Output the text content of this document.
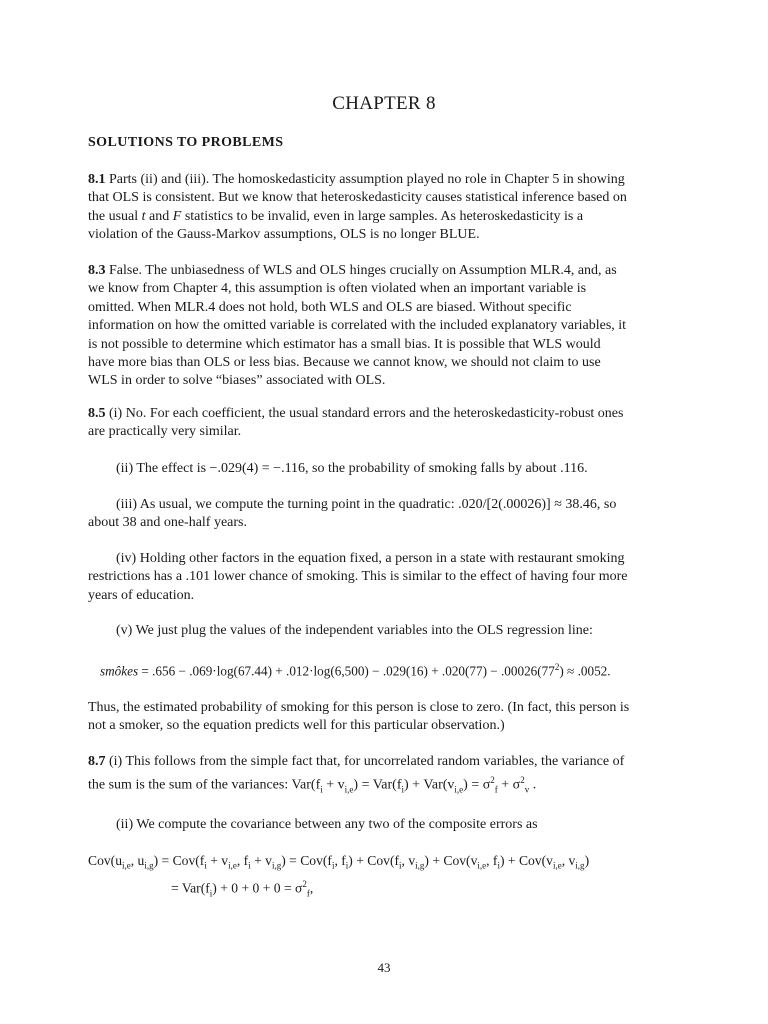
CHAPTER 8
SOLUTIONS TO PROBLEMS
8.1 Parts (ii) and (iii). The homoskedasticity assumption played no role in Chapter 5 in showing
that OLS is consistent. But we know that heteroskedasticity causes statistical inference based on
the usual t and F statistics to be invalid, even in large samples. As heteroskedasticity is a
violation of the Gauss-Markov assumptions, OLS is no longer BLUE.
8.3 False. The unbiasedness of WLS and OLS hinges crucially on Assumption MLR.4, and, as
we know from Chapter 4, this assumption is often violated when an important variable is
omitted. When MLR.4 does not hold, both WLS and OLS are biased. Without specific
information on how the omitted variable is correlated with the included explanatory variables, it
is not possible to determine which estimator has a small bias. It is possible that WLS would
have more bias than OLS or less bias. Because we cannot know, we should not claim to use
WLS in order to solve “biases” associated with OLS.
8.5 (i) No. For each coefficient, the usual standard errors and the heteroskedasticity-robust ones
are practically very similar.
(ii) The effect is −.029(4) = −.116, so the probability of smoking falls by about .116.
(iii) As usual, we compute the turning point in the quadratic: .020/[2(.00026)] ≈ 38.46, so
about 38 and one-half years.
(iv) Holding other factors in the equation fixed, a person in a state with restaurant smoking
restrictions has a .101 lower chance of smoking. This is similar to the effect of having four more
years of education.
(v) We just plug the values of the independent variables into the OLS regression line:
smôkes = $.656 - .069\cdot\log(67.44) + .012\cdot\log(6,500) - .029(16) + .020(77) - .00026(77^2) \approx .0052$.
Thus, the estimated probability of smoking for this person is close to zero. (In fact, this person is
not a smoker, so the equation predicts well for this particular observation.)
8.7 (i) This follows from the simple fact that, for uncorrelated random variables, the variance of
the sum is the sum of the variances: $Var(f_i + v_{i,e}) = Var(f_i) + Var(v_{i,e}) = \sigma^2_f + \sigma^2_v$ .
(ii) We compute the covariance between any two of the composite errors as
$Cov(u_{i,e}$, $u_{i,g}) = Cov(f_i + v_{i,e}$, $f_i + v_{i,g}) = Cov(f_i$, $f_i) + Cov(f_i$, $v_{i,g}) + Cov(v_{i,e}$, $f_i) + Cov(v_{i,e}$, $v_{i,g}$)
= $Var(f_i) + 0 + 0 + 0 = \sigma^2_f$,
43
